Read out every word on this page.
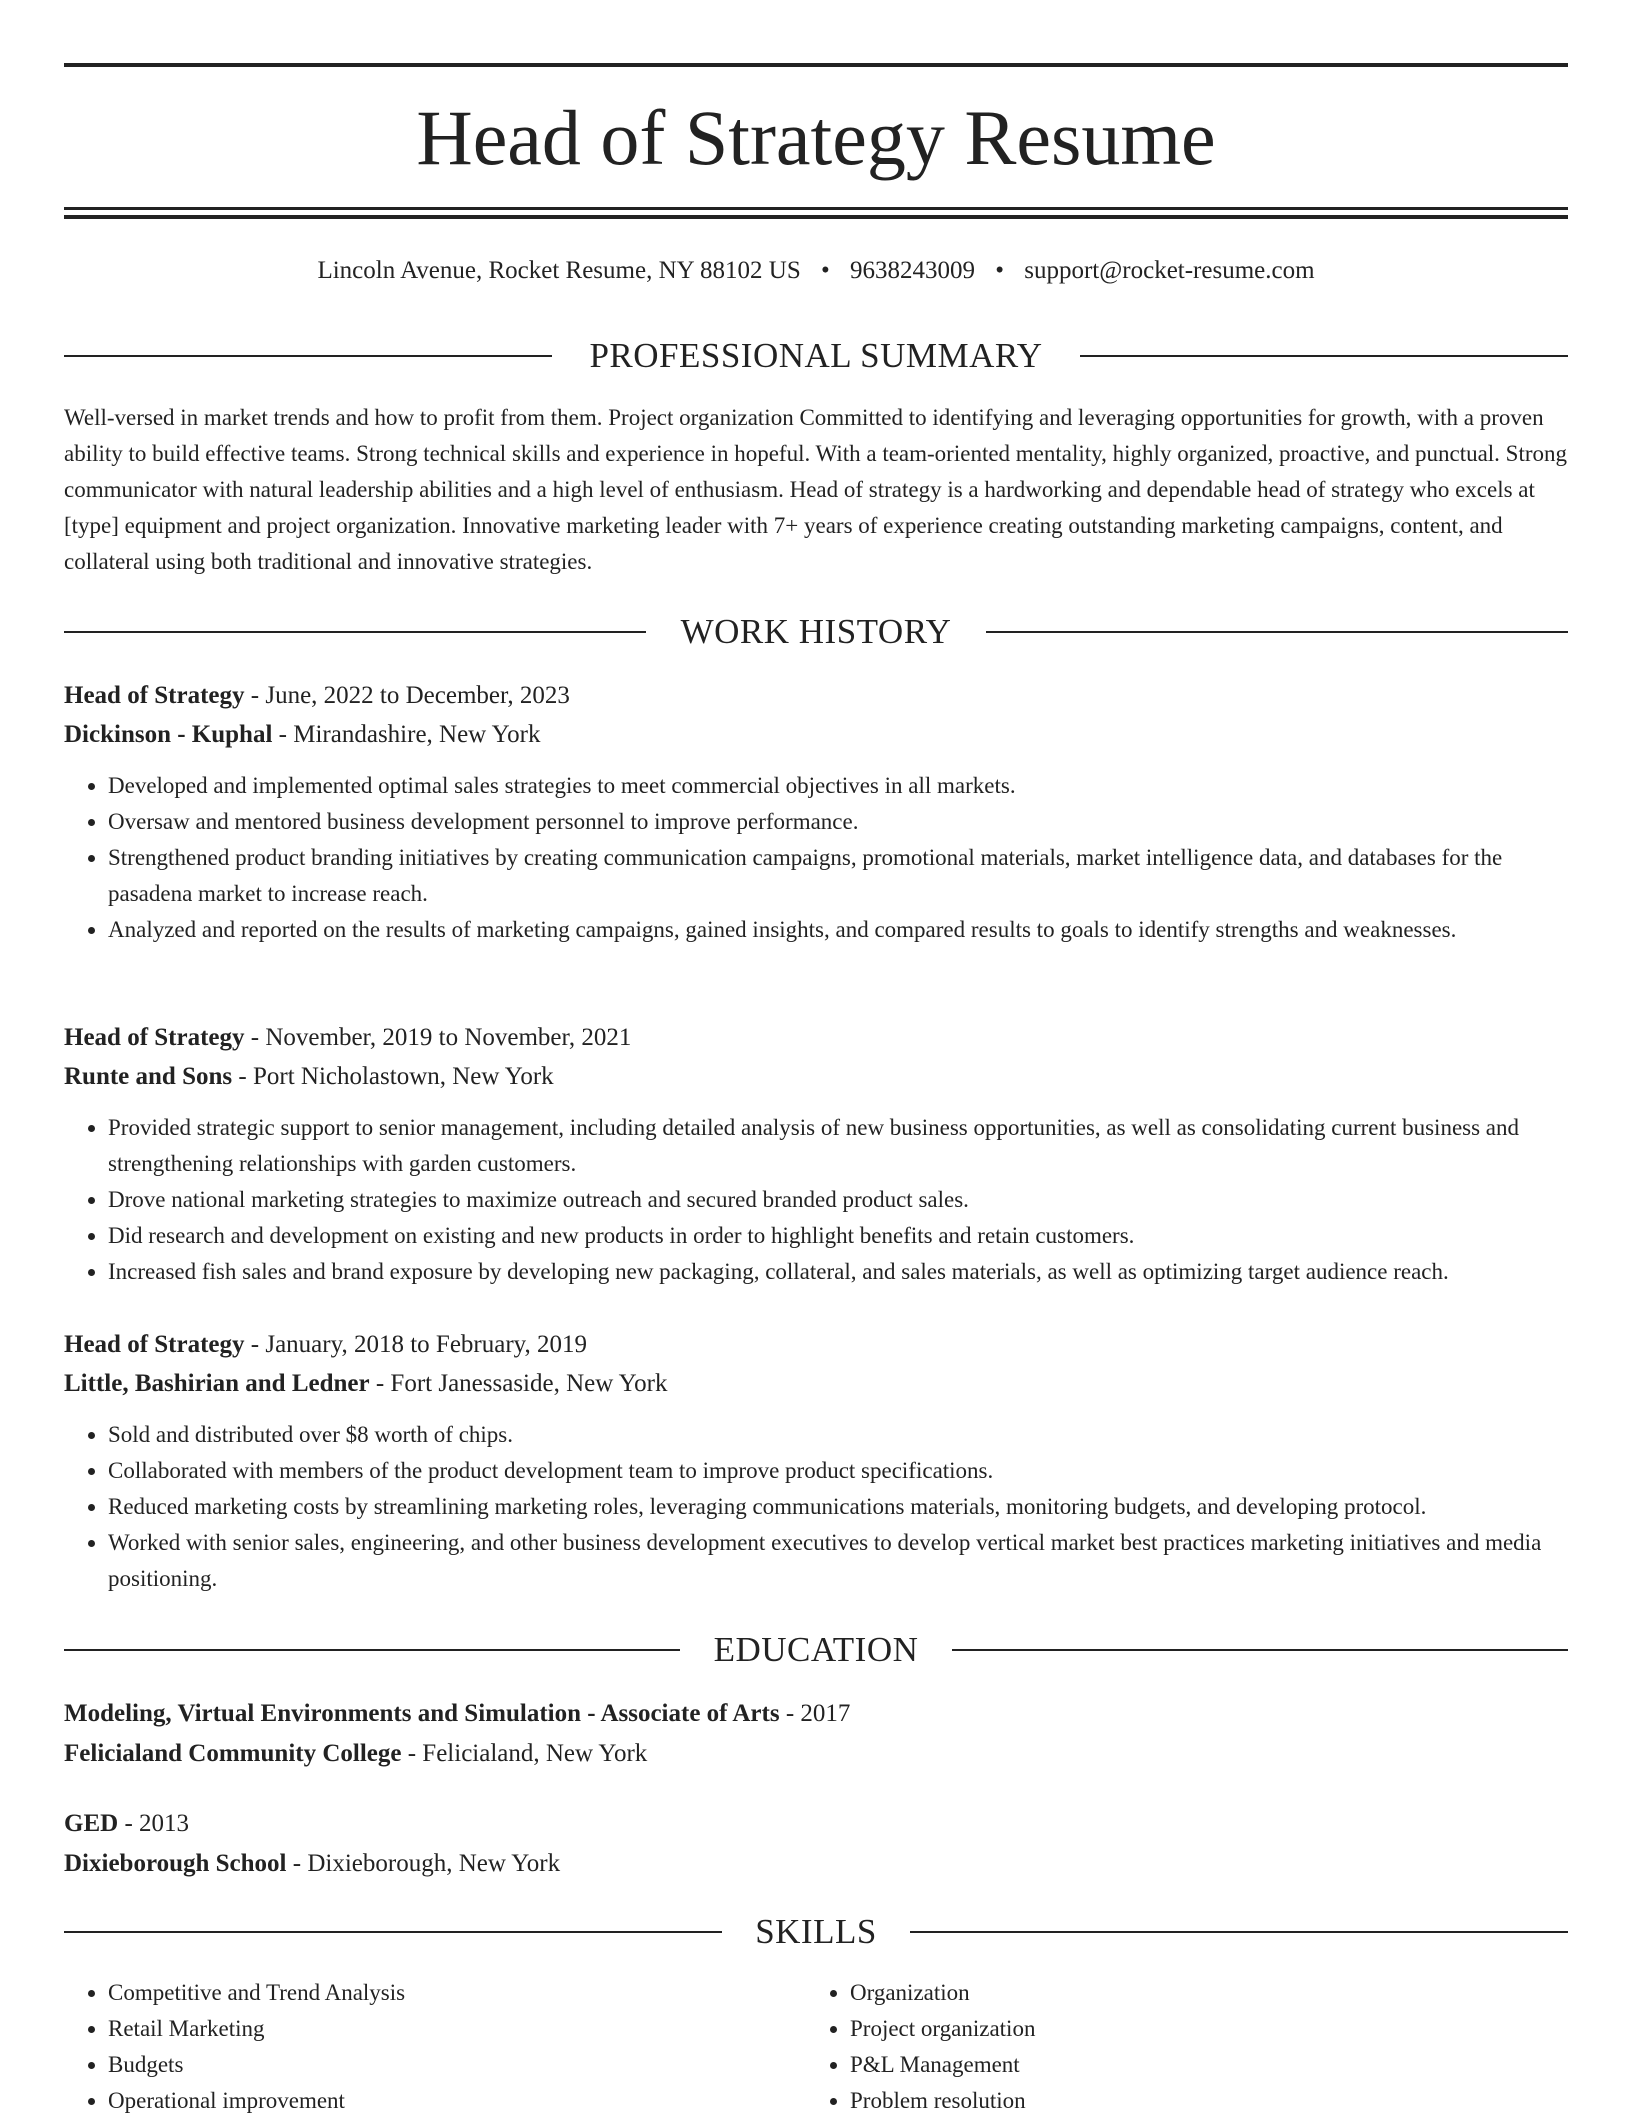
Head of Strategy Resume
Lincoln Avenue, Rocket Resume, NY 88102 US • 9638243009 • support@rocket-resume.com
PROFESSIONAL SUMMARY

Well-versed in market trends and how to profit from them. Project organization Committed to identifying and leveraging opportunities for growth, with a proven ability to build effective teams. Strong technical skills and experience in hopeful. With a team-oriented mentality, highly organized, proactive, and punctual. Strong communicator with natural leadership abilities and a high level of enthusiasm. Head of strategy is a hardworking and dependable head of strategy who excels at [type] equipment and project organization. Innovative marketing leader with 7+ years of experience creating outstanding marketing campaigns, content, and collateral using both traditional and innovative strategies.

WORK HISTORY

Head of Strategy - June, 2022 to December, 2023

Dickinson - Kuphal - Mirandashire, New York

• Developed and implemented optimal sales strategies to meet commercial objectives in all markets.
• Oversaw and mentored business development personnel to improve performance.
• Strengthened product branding initiatives by creating communication campaigns, promotional materials, market intelligence data, and databases for the pasadena market to increase reach.
• Analyzed and reported on the results of marketing campaigns, gained insights, and compared results to goals to identify strengths and weaknesses.

Head of Strategy - November, 2019 to November, 2021

Runte and Sons - Port Nicholastown, New York

• Provided strategic support to senior management, including detailed analysis of new business opportunities, as well as consolidating current business and strengthening relationships with garden customers.
• Drove national marketing strategies to maximize outreach and secured branded product sales.
• Did research and development on existing and new products in order to highlight benefits and retain customers.
• Increased fish sales and brand exposure by developing new packaging, collateral, and sales materials, as well as optimizing target audience reach.

Head of Strategy - January, 2018 to February, 2019

Little, Bashirian and Ledner - Fort Janessaside, New York

• Sold and distributed over $8 worth of chips.
• Collaborated with members of the product development team to improve product specifications.
• Reduced marketing costs by streamlining marketing roles, leveraging communications materials, monitoring budgets, and developing protocol.
• Worked with senior sales, engineering, and other business development executives to develop vertical market best practices marketing initiatives and media positioning.
EDUCATION

Modeling, Virtual Environments and Simulation - Associate of Arts - 2017

Felicialand Community College - Felicialand, New York

GED - 2013

Dixieborough School - Dixieborough, New York

SKILLS
• Competitive and Trend Analysis
• Retail Marketing
• Budgets
• Operational improvement
• Organization
• Project organization
• P&L Management
• Problem resolution
